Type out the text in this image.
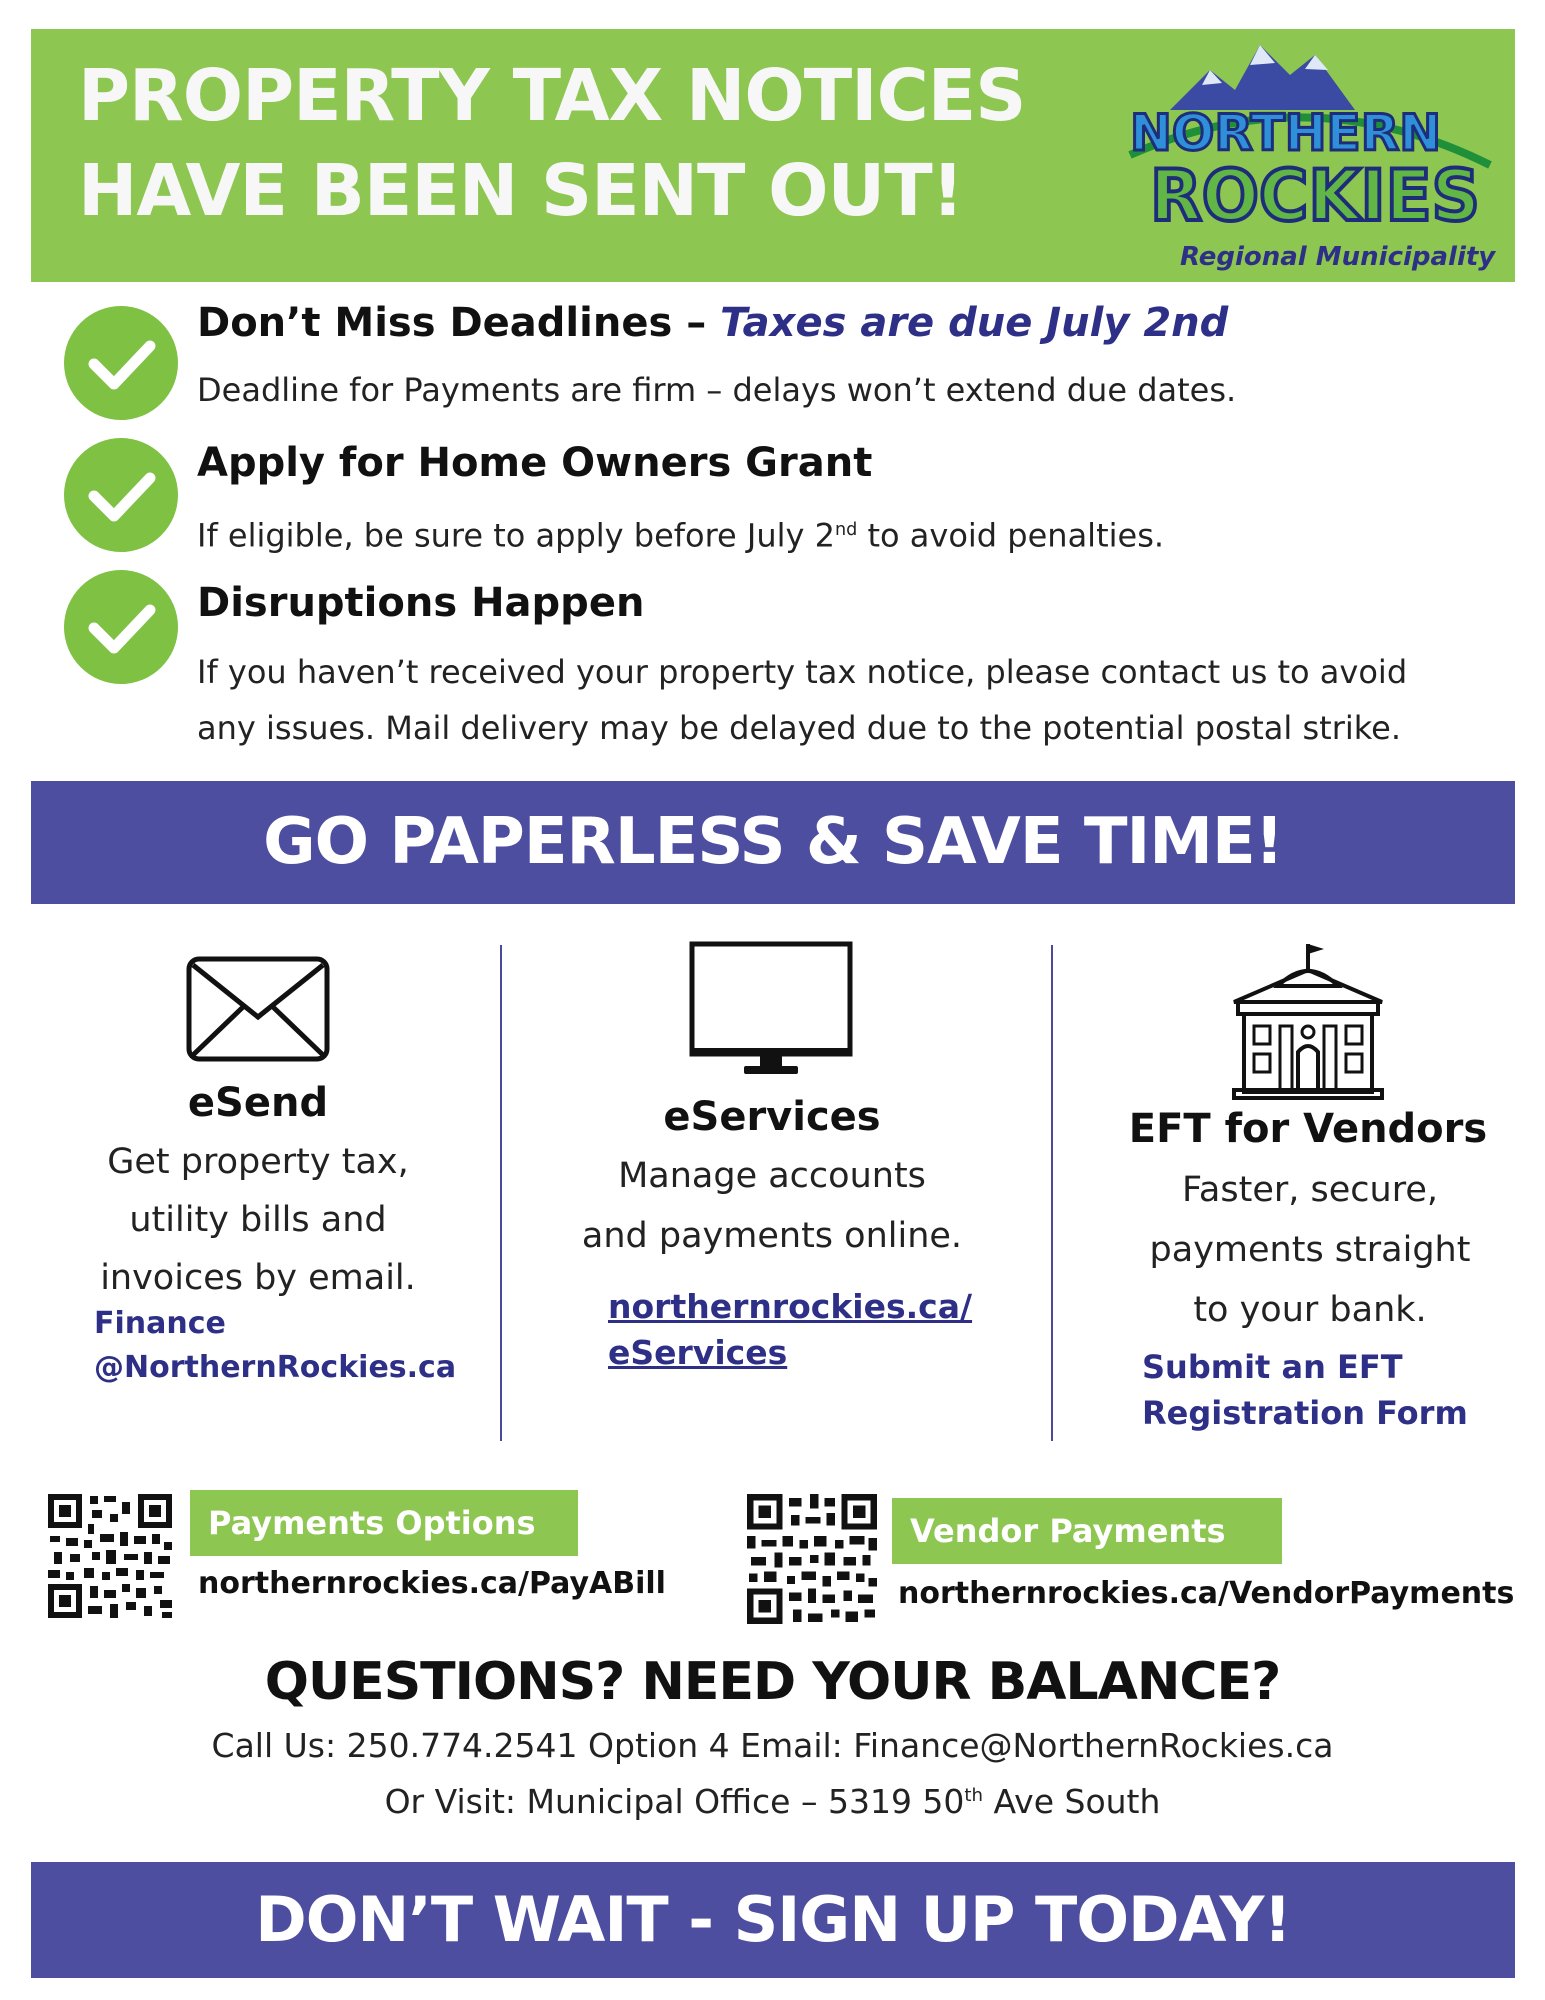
PROPERTY TAX NOTICES
HAVE BEEN SENT OUT!
NORTHERN
ROCKIES
Regional Municipality
Don’t Miss Deadlines – Taxes are due July 2nd
Deadline for Payments are firm – delays won’t extend due dates.
Apply for Home Owners Grant
If eligible, be sure to apply before July 2nd to avoid penalties.
Disruptions Happen
If you haven’t received your property tax notice, please contact us to avoid
any issues. Mail delivery may be delayed due to the potential postal strike.
GO PAPERLESS & SAVE TIME!
eSend
Get property tax,
utility bills and
invoices by email.
Finance
@NorthernRockies.ca
eServices
Manage accounts
and payments online.
northernrockies.ca/
eServices
EFT for Vendors
Faster, secure,
payments straight
to your bank.
Submit an EFT
Registration Form
Payments Options
northernrockies.ca/PayABill
Vendor Payments
northernrockies.ca/VendorPayments
QUESTIONS? NEED YOUR BALANCE?
Call Us: 250.774.2541 Option 4 Email: Finance@NorthernRockies.ca
Or Visit: Municipal Office – 5319 50th Ave South
DON’T WAIT - SIGN UP TODAY!
